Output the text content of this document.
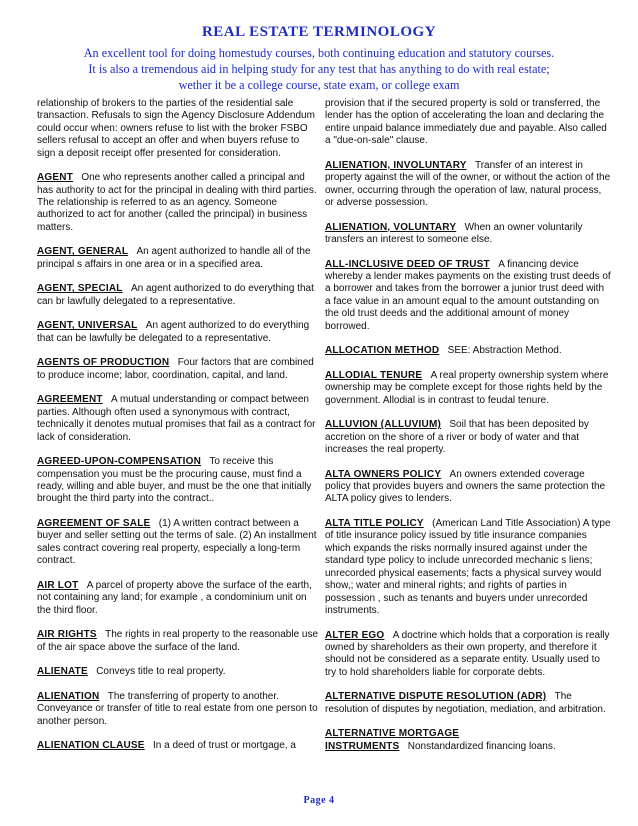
REAL ESTATE TERMINOLOGY
An excellent tool for doing homestudy courses, both continuing education and statutory courses.
It is also a tremendous aid in helping study for any test that has anything to do with real estate;
wether it be a college course, state exam, or college exam
relationship of brokers to the parties of the residential sale transaction. Refusals to sign the Agency Disclosure Addendum could occur when: owners refuse to list with the broker FSBO sellers refusal to accept an offer and when buyers refuse to sign a deposit receipt offer presented for consideration.
AGENT One who represents another called a principal and has authority to act for the principal in dealing with third parties. The relationship is referred to as an agency. Someone authorized to act for another (called the principal) in business matters.
AGENT, GENERAL An agent authorized to handle all of the principal s affairs in one area or in a specified area.
AGENT, SPECIAL An agent authorized to do everything that can br lawfully delegated to a representative.
AGENT, UNIVERSAL An agent authorized to do everything that can be lawfully be delegated to a representative.
AGENTS OF PRODUCTION Four factors that are combined to produce income; labor, coordination, capital, and land.
AGREEMENT A mutual understanding or compact between parties. Although often used a synonymous with contract, technically it denotes mutual promises that fail as a contract for lack of consideration.
AGREED-UPON-COMPENSATION To receive this compensation you must be the procuring cause, must find a ready, willing and able buyer, and must be the one that initially brought the third party into the contract..
AGREEMENT OF SALE (1) A written contract between a buyer and seller setting out the terms of sale. (2) An installment sales contract covering real property, especially a long-term contract.
AIR LOT A parcel of property above the surface of the earth, not containing any land; for example , a condominium unit on the third floor.
AIR RIGHTS The rights in real property to the reasonable use of the air space above the surface of the land.
ALIENATE Conveys title to real property.
ALIENATION The transferring of property to another. Conveyance or transfer of title to real estate from one person to another person.
ALIENATION CLAUSE In a deed of trust or mortgage, a
provision that if the secured property is sold or transferred, the lender has the option of accelerating the loan and declaring the entire unpaid balance immediately due and payable. Also called a "due-on-sale" clause.
ALIENATION, INVOLUNTARY Transfer of an interest in property against the will of the owner, or without the action of the owner, occurring through the operation of law, natural process, or adverse possession.
ALIENATION, VOLUNTARY When an owner voluntarily transfers an interest to someone else.
ALL-INCLUSIVE DEED OF TRUST A financing device whereby a lender makes payments on the existing trust deeds of a borrower and takes from the borrower a junior trust deed with a face value in an amount equal to the amount outstanding on the old trust deeds and the additional amount of money borrowed.
ALLOCATION METHOD SEE: Abstraction Method.
ALLODIAL TENURE A real property ownership system where ownership may be complete except for those rights held by the government. Allodial is in contrast to feudal tenure.
ALLUVION (ALLUVIUM) Soil that has been deposited by accretion on the shore of a river or body of water and that increases the real property.
ALTA OWNERS POLICY An owners extended coverage policy that provides buyers and owners the same protection the ALTA policy gives to lenders.
ALTA TITLE POLICY (American Land Title Association) A type of title insurance policy issued by title insurance companies which expands the risks normally insured against under the standard type policy to include unrecorded mechanic s liens; unrecorded physical easements; facts a physical survey would show,; water and mineral rights; and rights of parties in possession , such as tenants and buyers under unrecorded instruments.
ALTER EGO A doctrine which holds that a corporation is really owned by shareholders as their own property, and therefore it should not be considered as a separate entity. Usually used to try to hold shareholders liable for corporate debts.
ALTERNATIVE DISPUTE RESOLUTION (ADR) The resolution of disputes by negotiation, mediation, and arbitration.
ALTERNATIVE MORTGAGE INSTRUMENTS Nonstandardized financing loans.
Page 4
